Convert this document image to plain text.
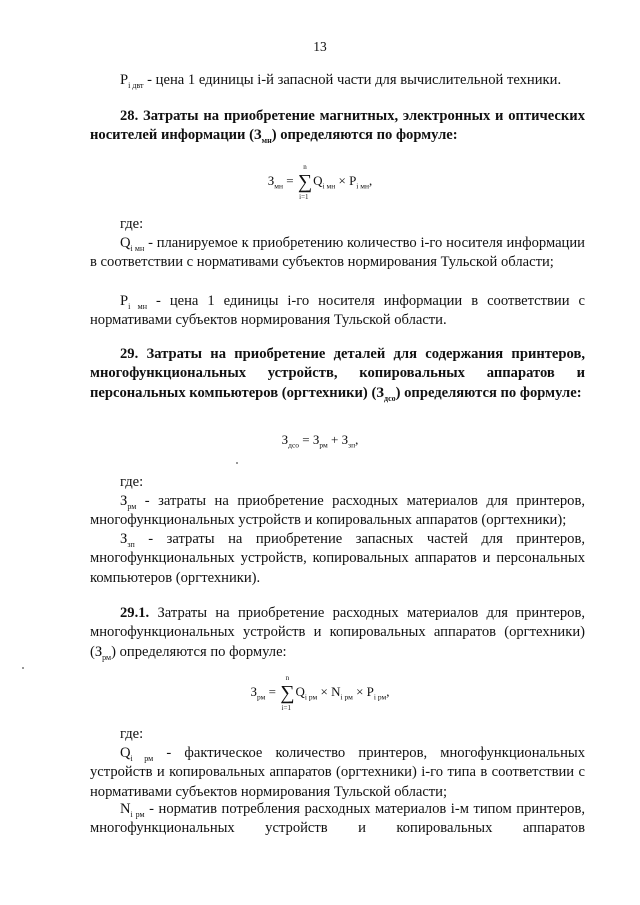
13
$P_{i двт}$ - цена 1 единицы i-й запасной части для вычислительной техники.
28. Затраты на приобретение магнитных, электронных и оптических носителей информации $(З_{мн})$ определяются по формуле:
$З_{мн}$ = ∑
n
i=1
$Q_{i мн} \times P_{i мн}$,
где:
$Q_{i мн}$ - планируемое к приобретению количество i-го носителя информации в соответствии с нормативами субъектов нормирования Тульской области;
$P_{i мн}$ - цена 1 единицы i-го носителя информации в соответствии с нормативами субъектов нормирования Тульской области.
29. Затраты на приобретение деталей для содержания принтеров, многофункциональных устройств, копировальных аппаратов и персональных компьютеров (оргтехники) $(З_{дсо})$ определяются по формуле:
$З_{дсо} = З_{рм} + З_{зп}$,
где:
$З_{рм}$ - затраты на приобретение расходных материалов для принтеров, многофункциональных устройств и копировальных аппаратов (оргтехники);
$З_{зп}$ - затраты на приобретение запасных частей для принтеров, многофункциональных устройств, копировальных аппаратов и персональных компьютеров (оргтехники).
29.1. Затраты на приобретение расходных материалов для принтеров, многофункциональных устройств и копировальных аппаратов (оргтехники) $(З_{рм})$ определяются по формуле:
$З_{рм}$ = ∑
n
i=1
$Q_{i рм} \times N_{i рм} \times P_{i рм}$,
где:
$Q_{i рм}$ - фактическое количество принтеров, многофункциональных устройств и копировальных аппаратов (оргтехники) i-го типа в соответствии с нормативами субъектов нормирования Тульской области;
$N_{i рм}$ - норматив потребления расходных материалов i-м типом принтеров, многофункциональных устройств и копировальных аппаратов
